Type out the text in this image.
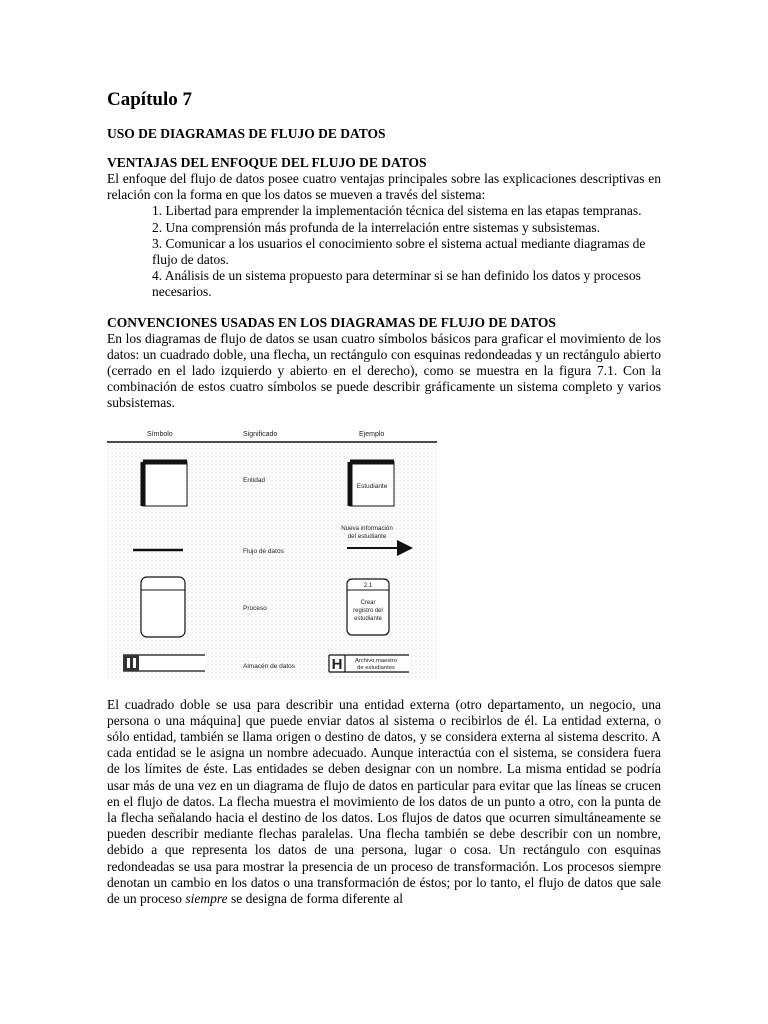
Capítulo 7
USO DE DIAGRAMAS DE FLUJO DE DATOS
VENTAJAS DEL ENFOQUE DEL FLUJO DE DATOS

El enfoque del flujo de datos posee cuatro ventajas principales sobre las explicaciones descriptivas en relación con la forma en que los datos se mueven a través del sistema:

1. Libertad para emprender la implementación técnica del sistema en las etapas tempranas.
2. Una comprensión más profunda de la interrelación entre sistemas y subsistemas.
3. Comunicar a los usuarios el conocimiento sobre el sistema actual mediante diagramas de flujo de datos.
4. Análisis de un sistema propuesto para determinar si se han definido los datos y procesos necesarios.
CONVENCIONES USADAS EN LOS DIAGRAMAS DE FLUJO DE DATOS

En los diagramas de flujo de datos se usan cuatro símbolos básicos para graficar el movimiento de los datos: un cuadrado doble, una flecha, un rectángulo con esquinas redondeadas y un rectángulo abierto (cerrado en el lado izquierdo y abierto en el derecho), como se muestra en la figura 7.1. Con la combinación de estos cuatro símbolos se puede describir gráficamente un sistema completo y varios subsistemas.

Símbolo	Significado	Ejemplo
Entidad
Estudiante
Flujo de datos
Nueva información
del estudiante
Proceso
2.1
Crear
registro del
estudiante
Almacén de datos H Archivo maestro
de estudiantes

El cuadrado doble se usa para describir una entidad externa (otro departamento, un negocio, una persona o una máquina] que puede enviar datos al sistema o recibirlos de él. La entidad externa, o sólo entidad, también se llama origen o destino de datos, y se considera externa al sistema descrito. A cada entidad se le asigna un nombre adecuado. Aunque interactúa con el sistema, se considera fuera de los límites de éste. Las entidades se deben designar con un nombre. La misma entidad se podría usar más de una vez en un diagrama de flujo de datos en particular para evitar que las líneas se crucen en el flujo de datos. La flecha muestra el movimiento de los datos de un punto a otro, con la punta de la flecha señalando hacia el destino de los datos. Los flujos de datos que ocurren simultáneamente se pueden describir mediante flechas paralelas. Una flecha también se debe describir con un nombre, debido a que representa los datos de una persona, lugar o cosa. Un rectángulo con esquinas redondeadas se usa para mostrar la presencia de un proceso de transformación. Los procesos siempre denotan un cambio en los datos o una transformación de éstos; por lo tanto, el flujo de datos que sale de un proceso siempre se designa de forma diferente al
